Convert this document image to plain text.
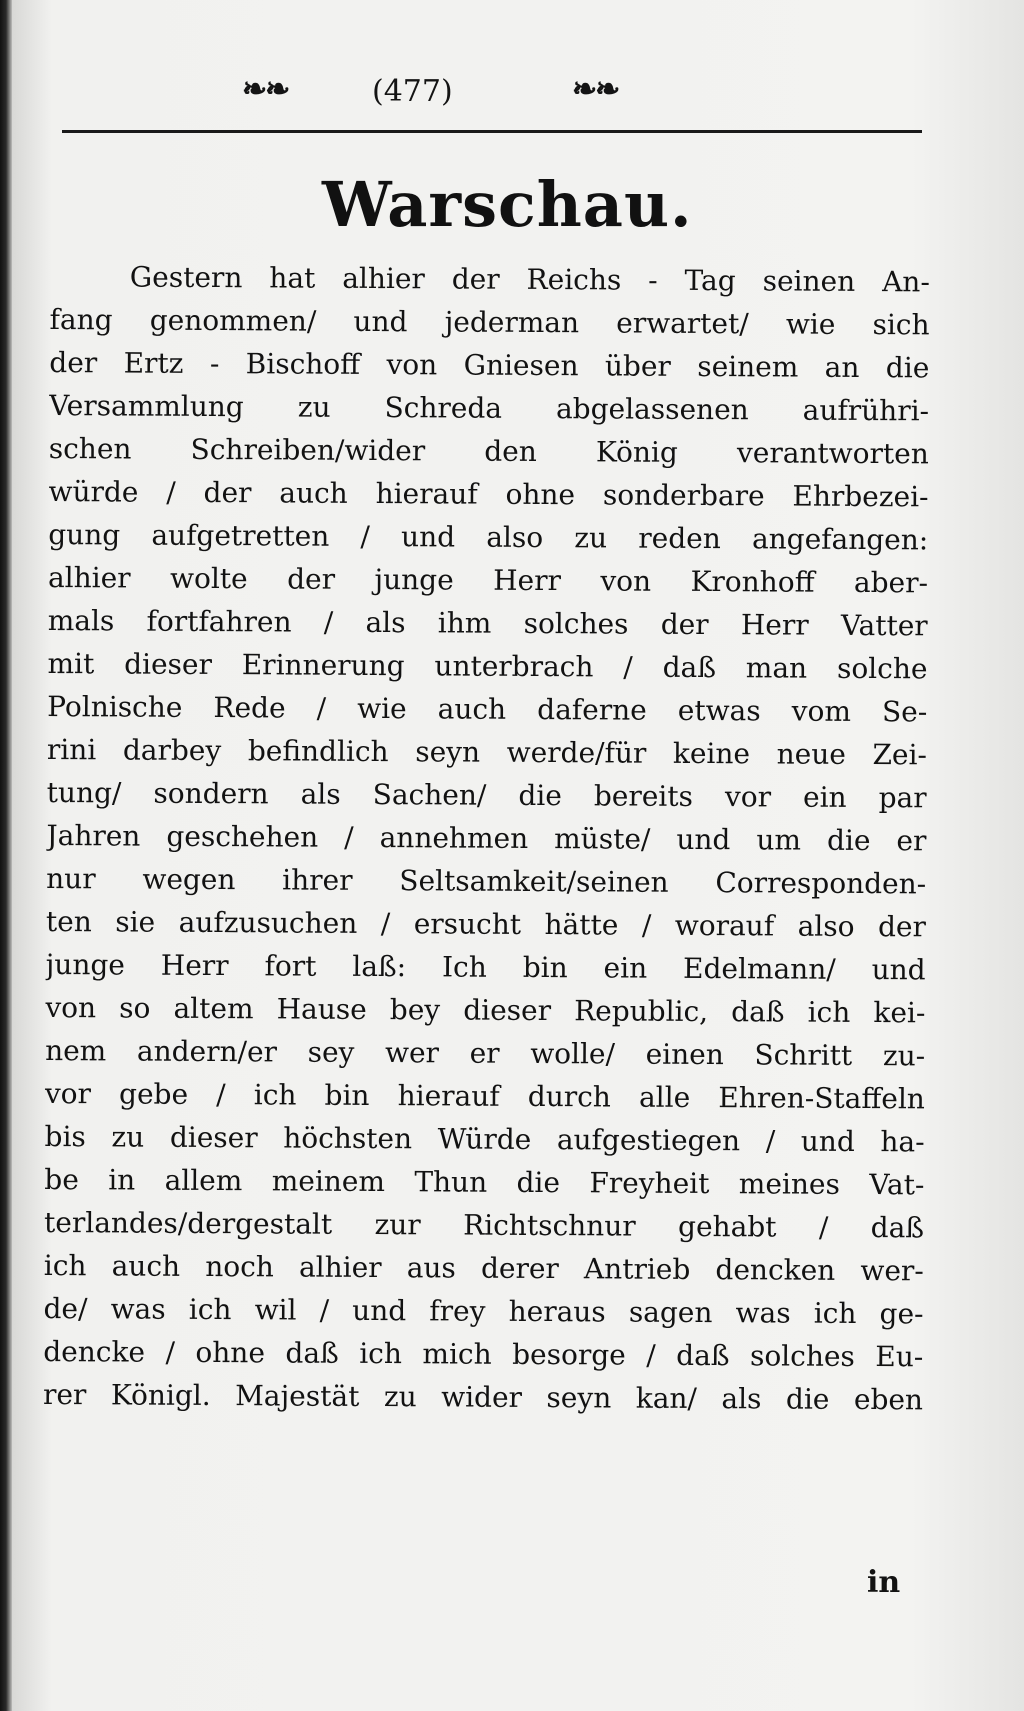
❧❧	(477)	❧❧
Warschau.
Gestern hat alhier der Reichs - Tag seinen An-
fang genommen/ und jederman erwartet/ wie sich
der Ertz - Bischoff von Gniesen über seinem an die
Versammlung zu Schreda abgelassenen aufrühri-
schen Schreiben/wider den König verantworten
würde / der auch hierauf ohne sonderbare Ehrbezei-
gung aufgetretten / und also zu reden angefangen:
alhier wolte der junge Herr von Kronhoff aber-
mals fortfahren / als ihm solches der Herr Vatter
mit dieser Erinnerung unterbrach / daß man solche
Polnische Rede / wie auch daferne etwas vom Se-
rini darbey befindlich seyn werde/für keine neue Zei-
tung/ sondern als Sachen/ die bereits vor ein par
Jahren geschehen / annehmen müste/ und um die er
nur wegen ihrer Seltsamkeit/seinen Corresponden-
ten sie aufzusuchen / ersucht hätte / worauf also der
junge Herr fort laß: Ich bin ein Edelmann/ und
von so altem Hause bey dieser Republic, daß ich kei-
nem andern/er sey wer er wolle/ einen Schritt zu-
vor gebe / ich bin hierauf durch alle Ehren-Staffeln
bis zu dieser höchsten Würde aufgestiegen / und ha-
be in allem meinem Thun die Freyheit meines Vat-
terlandes/dergestalt zur Richtschnur gehabt / daß
ich auch noch alhier aus derer Antrieb dencken wer-
de/ was ich wil / und frey heraus sagen was ich ge-
dencke / ohne daß ich mich besorge / daß solches Eu-
rer Königl. Majestät zu wider seyn kan/ als die eben
in
